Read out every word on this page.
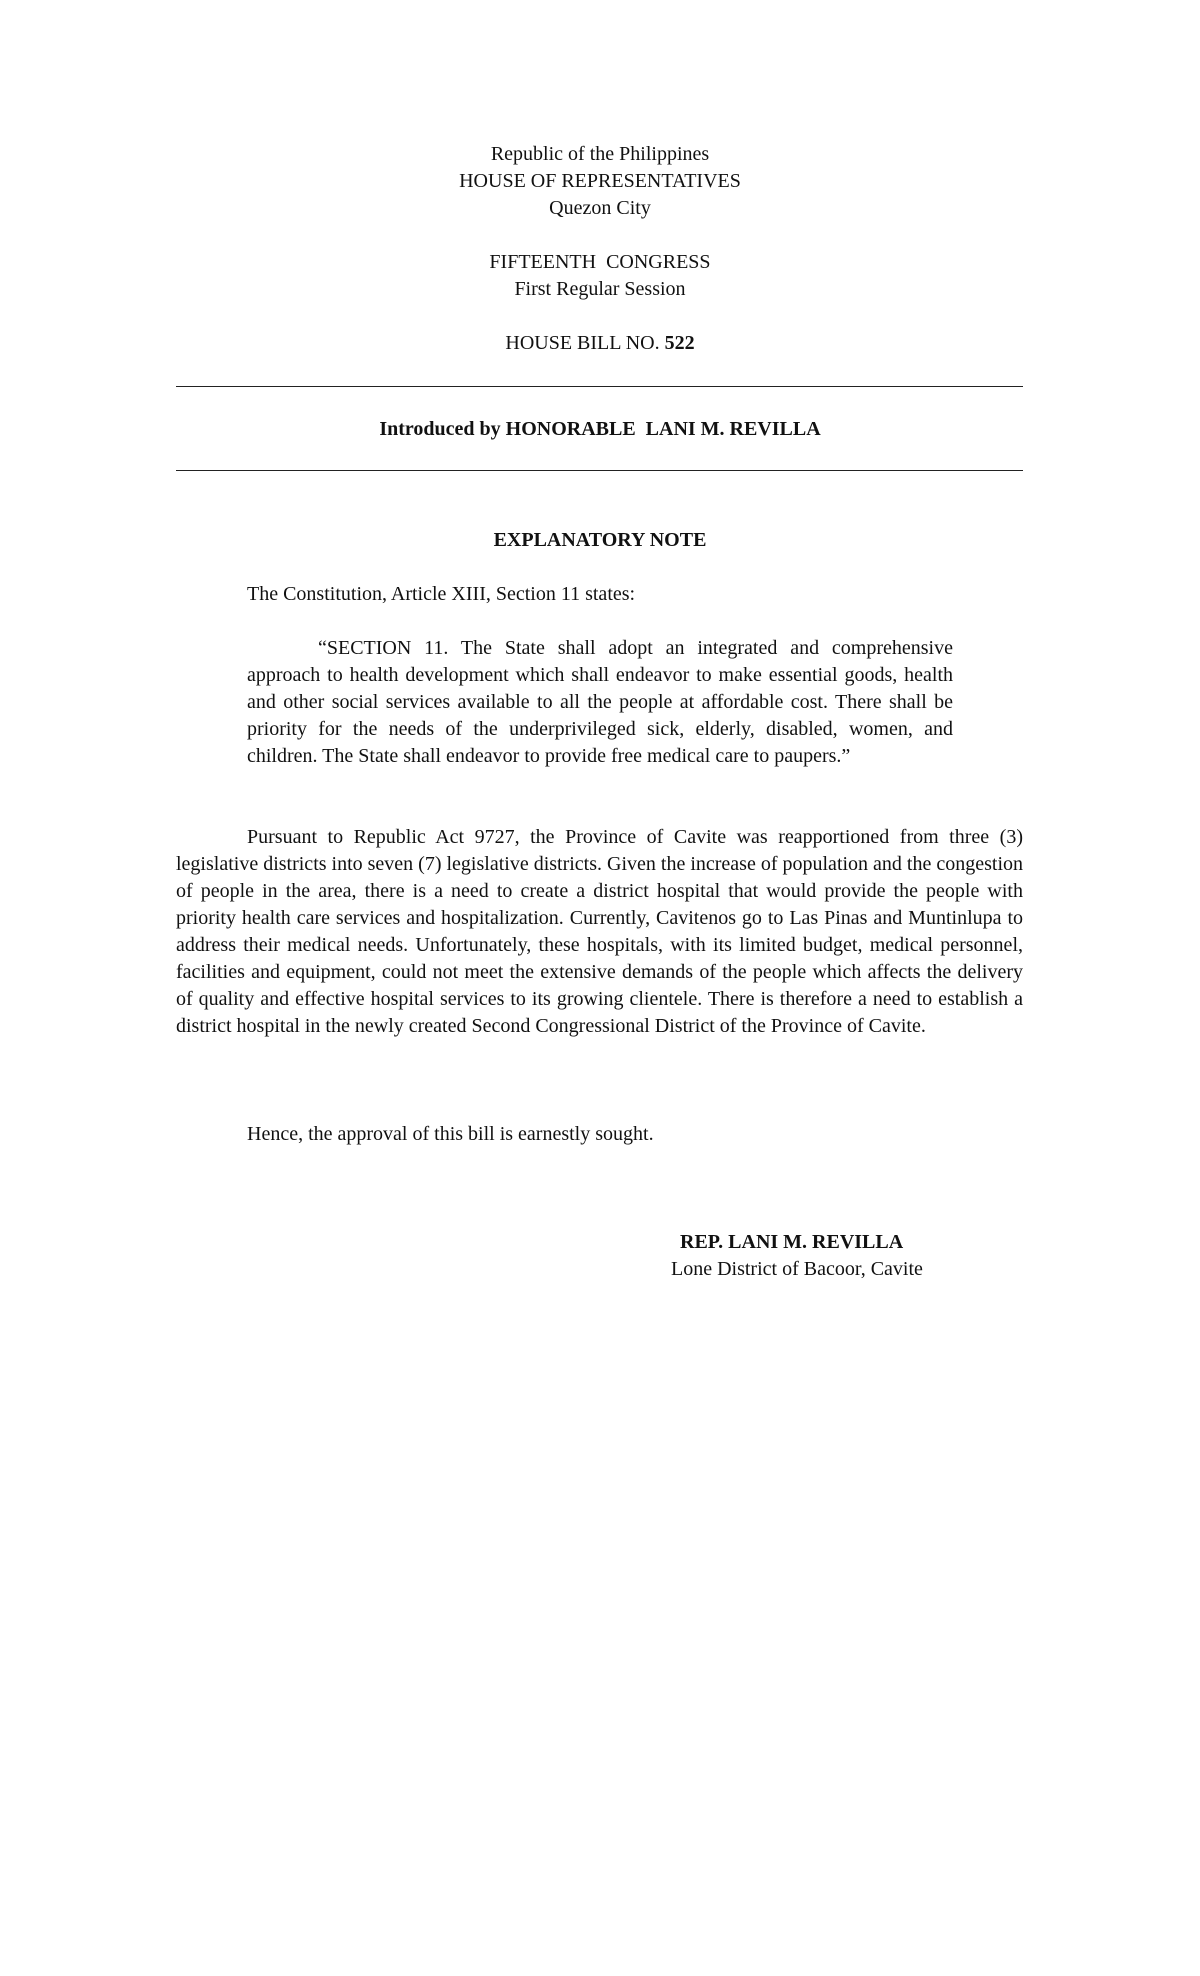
Republic of the Philippines
HOUSE OF REPRESENTATIVES
Quezon City
FIFTEENTH  CONGRESS
First Regular Session
HOUSE BILL NO. 522
Introduced by HONORABLE  LANI M. REVILLA
EXPLANATORY NOTE
The Constitution, Article XIII, Section 11 states:

“SECTION 11. The State shall adopt an integrated and comprehensive approach to health development which shall endeavor to make essential goods, health and other social services available to all the people at affordable cost. There shall be priority for the needs of the underprivileged sick, elderly, disabled, women, and children. The State shall endeavor to provide free medical care to paupers.”

Pursuant to Republic Act 9727, the Province of Cavite was reapportioned from three (3) legislative districts into seven (7) legislative districts. Given the increase of population and the congestion of people in the area, there is a need to create a district hospital that would provide the people with priority health care services and hospitalization. Currently, Cavitenos go to Las Pinas and Muntinlupa to address their medical needs. Unfortunately, these hospitals, with its limited budget, medical personnel, facilities and equipment, could not meet the extensive demands of the people which affects the delivery of quality and effective hospital services to its growing clientele. There is therefore a need to establish a district hospital in the newly created Second Congressional District of the Province of Cavite.

Hence, the approval of this bill is earnestly sought.
REP. LANI M. REVILLA
Lone District of Bacoor, Cavite
